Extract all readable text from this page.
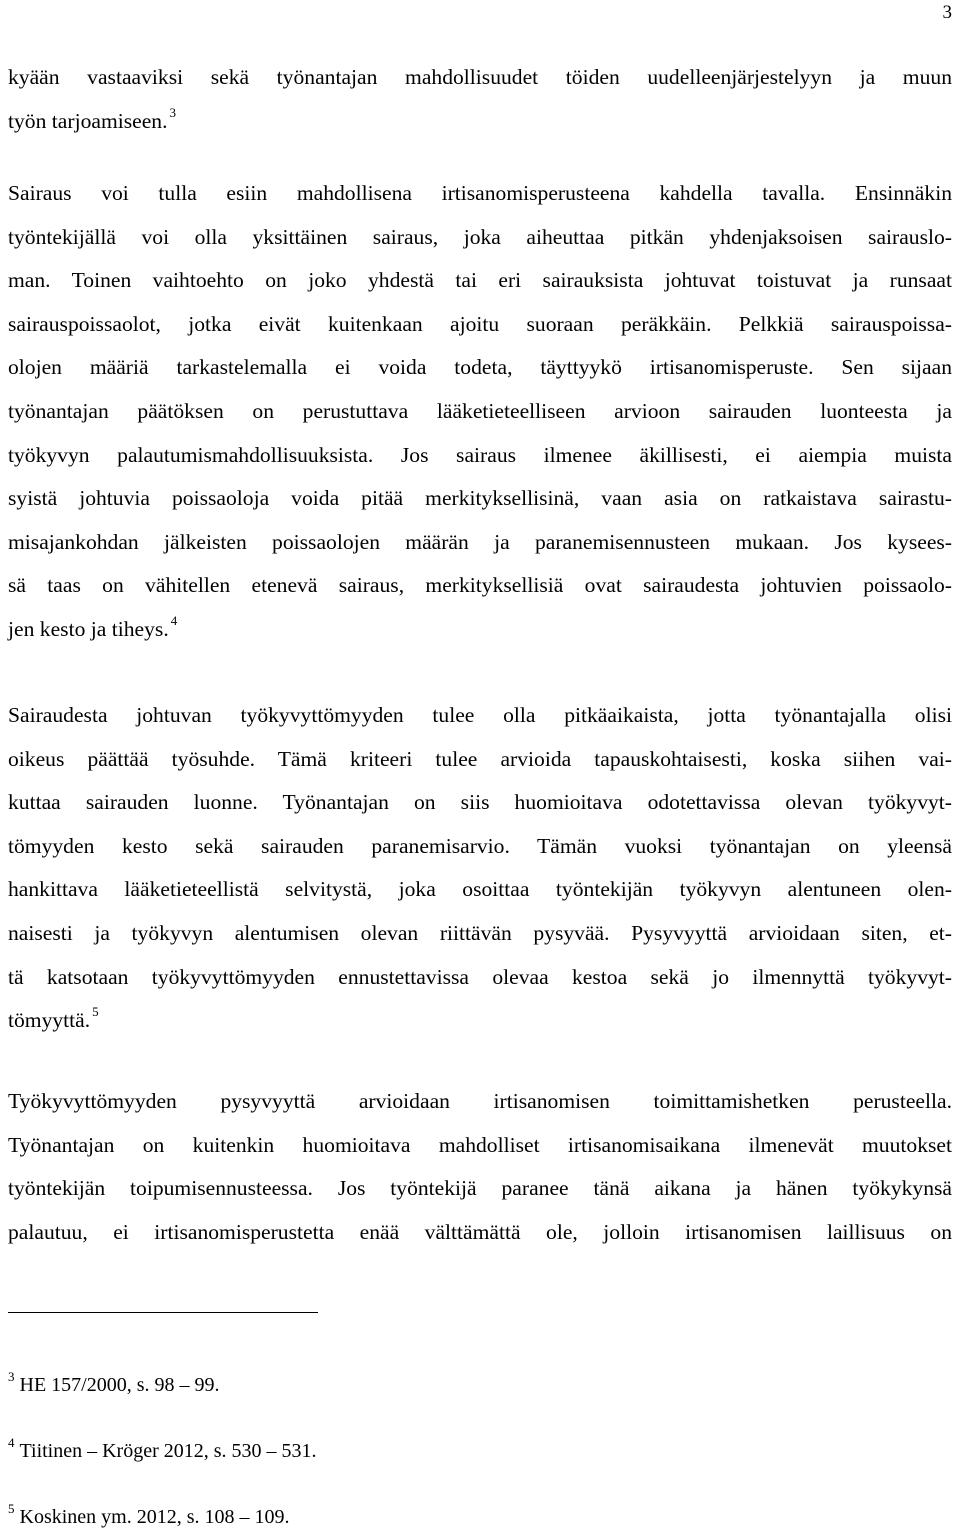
3
kyään vastaaviksi sekä työnantajan mahdollisuudet töiden uudelleenjärjestelyyn ja muun
työn tarjoamiseen. $^3$
Sairaus voi tulla esiin mahdollisena irtisanomisperusteena kahdella tavalla. Ensinnäkin
työntekijällä voi olla yksittäinen sairaus, joka aiheuttaa pitkän yhdenjaksoisen sairauslo-
man. Toinen vaihtoehto on joko yhdestä tai eri sairauksista johtuvat toistuvat ja runsaat
sairauspoissaolot, jotka eivät kuitenkaan ajoitu suoraan peräkkäin. Pelkkiä sairauspoissa-
olojen määriä tarkastelemalla ei voida todeta, täyttyykö irtisanomisperuste. Sen sijaan
työnantajan päätöksen on perustuttava lääketieteelliseen arvioon sairauden luonteesta ja
työkyvyn palautumismahdollisuuksista. Jos sairaus ilmenee äkillisesti, ei aiempia muista
syistä johtuvia poissaoloja voida pitää merkityksellisinä, vaan asia on ratkaistava sairastu-
misajankohdan jälkeisten poissaolojen määrän ja paranemisennusteen mukaan. Jos kysees-
sä taas on vähitellen etenevä sairaus, merkityksellisiä ovat sairaudesta johtuvien poissaolo-
jen kesto ja tiheys. $^4$
Sairaudesta johtuvan työkyvyttömyyden tulee olla pitkäaikaista, jotta työnantajalla olisi
oikeus päättää työsuhde. Tämä kriteeri tulee arvioida tapauskohtaisesti, koska siihen vai-
kuttaa sairauden luonne. Työnantajan on siis huomioitava odotettavissa olevan työkyvyt-
tömyyden kesto sekä sairauden paranemisarvio. Tämän vuoksi työnantajan on yleensä
hankittava lääketieteellistä selvitystä, joka osoittaa työntekijän työkyvyn alentuneen olen-
naisesti ja työkyvyn alentumisen olevan riittävän pysyvää. Pysyvyyttä arvioidaan siten, et-
tä katsotaan työkyvyttömyyden ennustettavissa olevaa kestoa sekä jo ilmennyttä työkyvyt-
tömyyttä. $^5$
Työkyvyttömyyden pysyvyyttä arvioidaan irtisanomisen toimittamishetken perusteella.
Työnantajan on kuitenkin huomioitava mahdolliset irtisanomisaikana ilmenevät muutokset
työntekijän toipumisennusteessa. Jos työntekijä paranee tänä aikana ja hänen työkykynsä
palautuu, ei irtisanomisperustetta enää välttämättä ole, jolloin irtisanomisen laillisuus on
$^3$ HE 157/2000, s. 98 – 99.
$^4$ Tiitinen – Kröger 2012, s. 530 – 531.
$^5$ Koskinen ym. 2012, s. 108 – 109.
